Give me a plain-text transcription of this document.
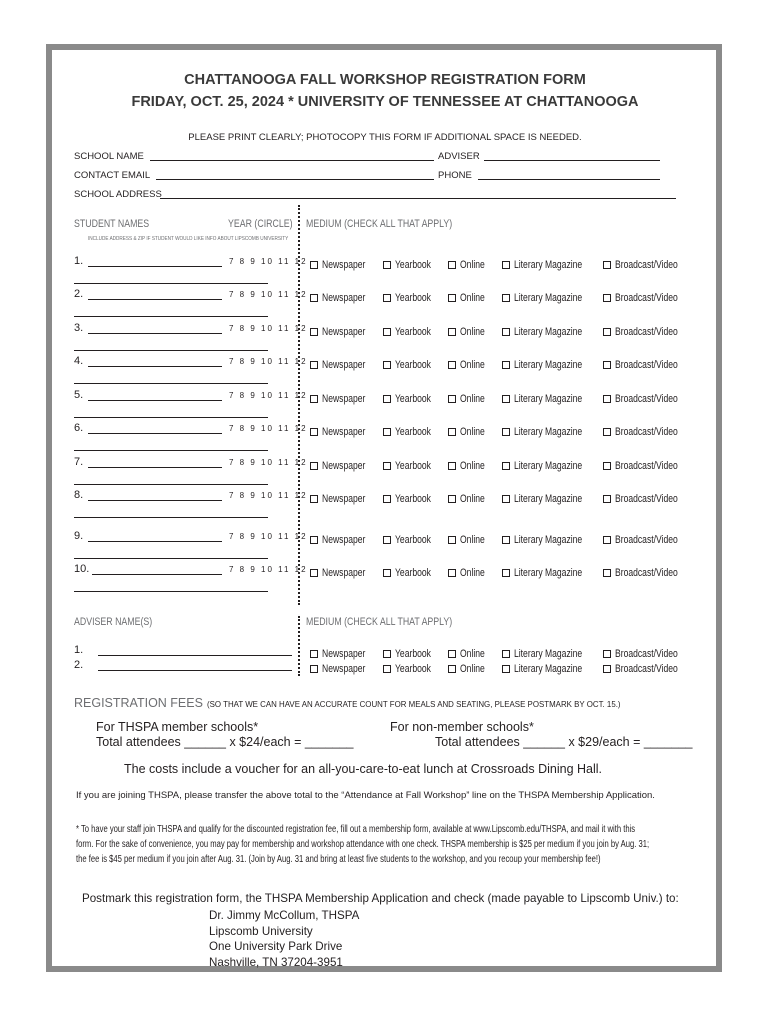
CHATTANOOGA FALL WORKSHOP REGISTRATION FORM
FRIDAY, OCT. 25, 2024 * UNIVERSITY OF TENNESSEE AT CHATTANOOGA
PLEASE PRINT CLEARLY; PHOTOCOPY THIS FORM IF ADDITIONAL SPACE IS NEEDED.
SCHOOL NAME	ADVISER
CONTACT EMAIL	PHONE
SCHOOL ADDRESS
STUDENT NAMES	YEAR (CIRCLE) MEDIUM (CHECK ALL THAT APPLY)
INCLUDE ADDRESS & ZIP IF STUDENT WOULD LIKE INFO ABOUT LIPSCOMB UNIVERSITY
1.	7 8 9 10 11 12	Newspaper	Yearbook	Online	Literary Magazine	Broadcast/Video
2.	7 8 9 10 11 12	Newspaper	Yearbook	Online	Literary Magazine	Broadcast/Video
3.	7 8 9 10 11 12	Newspaper	Yearbook	Online	Literary Magazine	Broadcast/Video
4.	7 8 9 10 11 12	Newspaper	Yearbook	Online	Literary Magazine	Broadcast/Video
5.	7 8 9 10 11 12	Newspaper	Yearbook	Online	Literary Magazine	Broadcast/Video
6.	7 8 9 10 11 12	Newspaper	Yearbook	Online	Literary Magazine	Broadcast/Video
7.	7 8 9 10 11 12	Newspaper	Yearbook	Online	Literary Magazine	Broadcast/Video
8.	7 8 9 10 11 12	Newspaper	Yearbook	Online	Literary Magazine	Broadcast/Video
9.	7 8 9 10 11 12	Newspaper	Yearbook	Online	Literary Magazine	Broadcast/Video
10.	7 8 9 10 11 12	Newspaper	Yearbook	Online	Literary Magazine	Broadcast/Video
ADVISER NAME(S)	MEDIUM (CHECK ALL THAT APPLY)
1.	Newspaper	Yearbook	Online	Literary Magazine	Broadcast/Video
2.	Newspaper	Yearbook	Online	Literary Magazine	Broadcast/Video
REGISTRATION FEES (SO THAT WE CAN HAVE AN ACCURATE COUNT FOR MEALS AND SEATING, PLEASE POSTMARK BY OCT. 15.)
For THSPA member schools*
Total attendees ______ x $24/each = _______
For non-member schools*
Total attendees ______ x $29/each = _______
The costs include a voucher for an all-you-care-to-eat lunch at Crossroads Dining Hall.
If you are joining THSPA, please transfer the above total to the “Attendance at Fall Workshop” line on the THSPA Membership Application.
* To have your staff join THSPA and qualify for the discounted registration fee, fill out a membership form, available at www.Lipscomb.edu/THSPA, and mail it with this
form. For the sake of convenience, you may pay for membership and workshop attendance with one check. THSPA membership is $25 per medium if you join by Aug. 31;
the fee is $45 per medium if you join after Aug. 31. (Join by Aug. 31 and bring at least five students to the workshop, and you recoup your membership fee!)
Postmark this registration form, the THSPA Membership Application and check (made payable to Lipscomb Univ.) to:
Dr. Jimmy McCollum, THSPA
Lipscomb University
One University Park Drive
Nashville, TN 37204-3951
